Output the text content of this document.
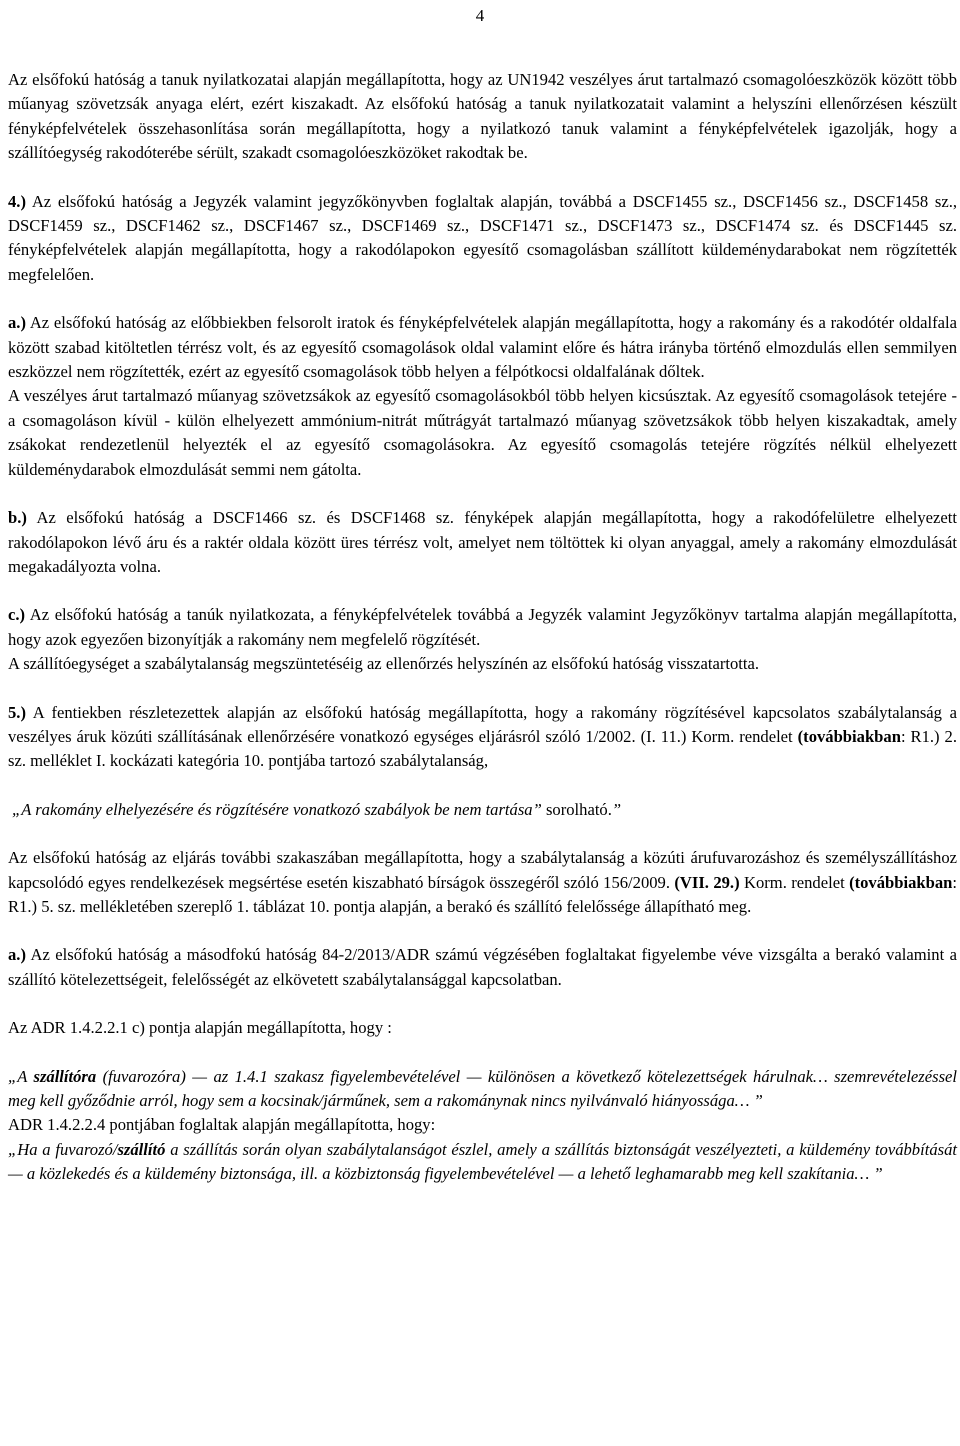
4

Az elsőfokú hatóság a tanuk nyilatkozatai alapján megállapította, hogy az UN1942 veszélyes árut tartalmazó csomagolóeszközök között több műanyag szövetzsák anyaga elért, ezért kiszakadt. Az elsőfokú hatóság a tanuk nyilatkozatait valamint a helyszíni ellenőrzésen készült fényképfelvételek összehasonlítása során megállapította, hogy a nyilatkozó tanuk valamint a fényképfelvételek igazolják, hogy a szállítóegység rakodóterébe sérült, szakadt csomagolóeszközöket rakodtak be.

4.) Az elsőfokú hatóság a Jegyzék valamint jegyzőkönyvben foglaltak alapján, továbbá a DSCF1455 sz., DSCF1456 sz., DSCF1458 sz., DSCF1459 sz., DSCF1462 sz., DSCF1467 sz., DSCF1469 sz., DSCF1471 sz., DSCF1473 sz., DSCF1474 sz. és DSCF1445 sz. fényképfelvételek alapján megállapította, hogy a rakodólapokon egyesítő csomagolásban szállított küldeménydarabokat nem rögzítették megfelelően.

a.) Az elsőfokú hatóság az előbbiekben felsorolt iratok és fényképfelvételek alapján megállapította, hogy a rakomány és a rakodótér oldalfala között szabad kitöltetlen térrész volt, és az egyesítő csomagolások oldal valamint előre és hátra irányba történő elmozdulás ellen semmilyen eszközzel nem rögzítették, ezért az egyesítő csomagolások több helyen a félpótkocsi oldalfalának dőltek.

A veszélyes árut tartalmazó műanyag szövetzsákok az egyesítő csomagolásokból több helyen kicsúsztak. Az egyesítő csomagolások tetejére - a csomagoláson kívül - külön elhelyezett ammónium-nitrát műtrágyát tartalmazó műanyag szövetzsákok több helyen kiszakadtak, amely zsákokat rendezetlenül helyezték el az egyesítő csomagolásokra. Az egyesítő csomagolás tetejére rögzítés nélkül elhelyezett küldeménydarabok elmozdulását semmi nem gátolta.

b.) Az elsőfokú hatóság a DSCF1466 sz. és DSCF1468 sz. fényképek alapján megállapította, hogy a rakodófelületre elhelyezett rakodólapokon lévő áru és a raktér oldala között üres térrész volt, amelyet nem töltöttek ki olyan anyaggal, amely a rakomány elmozdulását megakadályozta volna.

c.) Az elsőfokú hatóság a tanúk nyilatkozata, a fényképfelvételek továbbá a Jegyzék valamint Jegyzőkönyv tartalma alapján megállapította, hogy azok egyezően bizonyítják a rakomány nem megfelelő rögzítését.

A szállítóegységet a szabálytalanság megszüntetéséig az ellenőrzés helyszínén az elsőfokú hatóság visszatartotta.

5.) A fentiekben részletezettek alapján az elsőfokú hatóság megállapította, hogy a rakomány rögzítésével kapcsolatos szabálytalanság a veszélyes áruk közúti szállításának ellenőrzésére vonatkozó egységes eljárásról szóló 1/2002. (I. 11.) Korm. rendelet (továbbiakban: R1.) 2. sz. melléklet I. kockázati kategória 10. pontjába tartozó szabálytalanság,

„A rakomány elhelyezésére és rögzítésére vonatkozó szabályok be nem tartása” sorolható.”

Az elsőfokú hatóság az eljárás további szakaszában megállapította, hogy a szabálytalanság a közúti árufuvarozáshoz és személyszállításhoz kapcsolódó egyes rendelkezések megsértése esetén kiszabható bírságok összegéről szóló 156/2009. (VII. 29.) Korm. rendelet (továbbiakban: R1.) 5. sz. mellékletében szereplő 1. táblázat 10. pontja alapján, a berakó és szállító felelőssége állapítható meg.

a.) Az elsőfokú hatóság a másodfokú hatóság 84-2/2013/ADR számú végzésében foglaltakat figyelembe véve vizsgálta a berakó valamint a szállító kötelezettségeit, felelősségét az elkövetett szabálytalansággal kapcsolatban.

Az ADR 1.4.2.2.1 c) pontja alapján megállapította, hogy :

„A szállítóra (fuvarozóra) — az 1.4.1 szakasz figyelembevételével — különösen a következő kötelezettségek hárulnak… szemrevételezéssel meg kell győződnie arról, hogy sem a kocsinak/járműnek, sem a rakománynak nincs nyilvánvaló hiányossága… ”

ADR 1.4.2.2.4 pontjában foglaltak alapján megállapította, hogy:

„Ha a fuvarozó/szállító a szállítás során olyan szabálytalanságot észlel, amely a szállítás biztonságát veszélyezteti, a küldemény továbbítását — a közlekedés és a küldemény biztonsága, ill. a közbiztonság figyelembevételével — a lehető leghamarabb meg kell szakítania… ”
